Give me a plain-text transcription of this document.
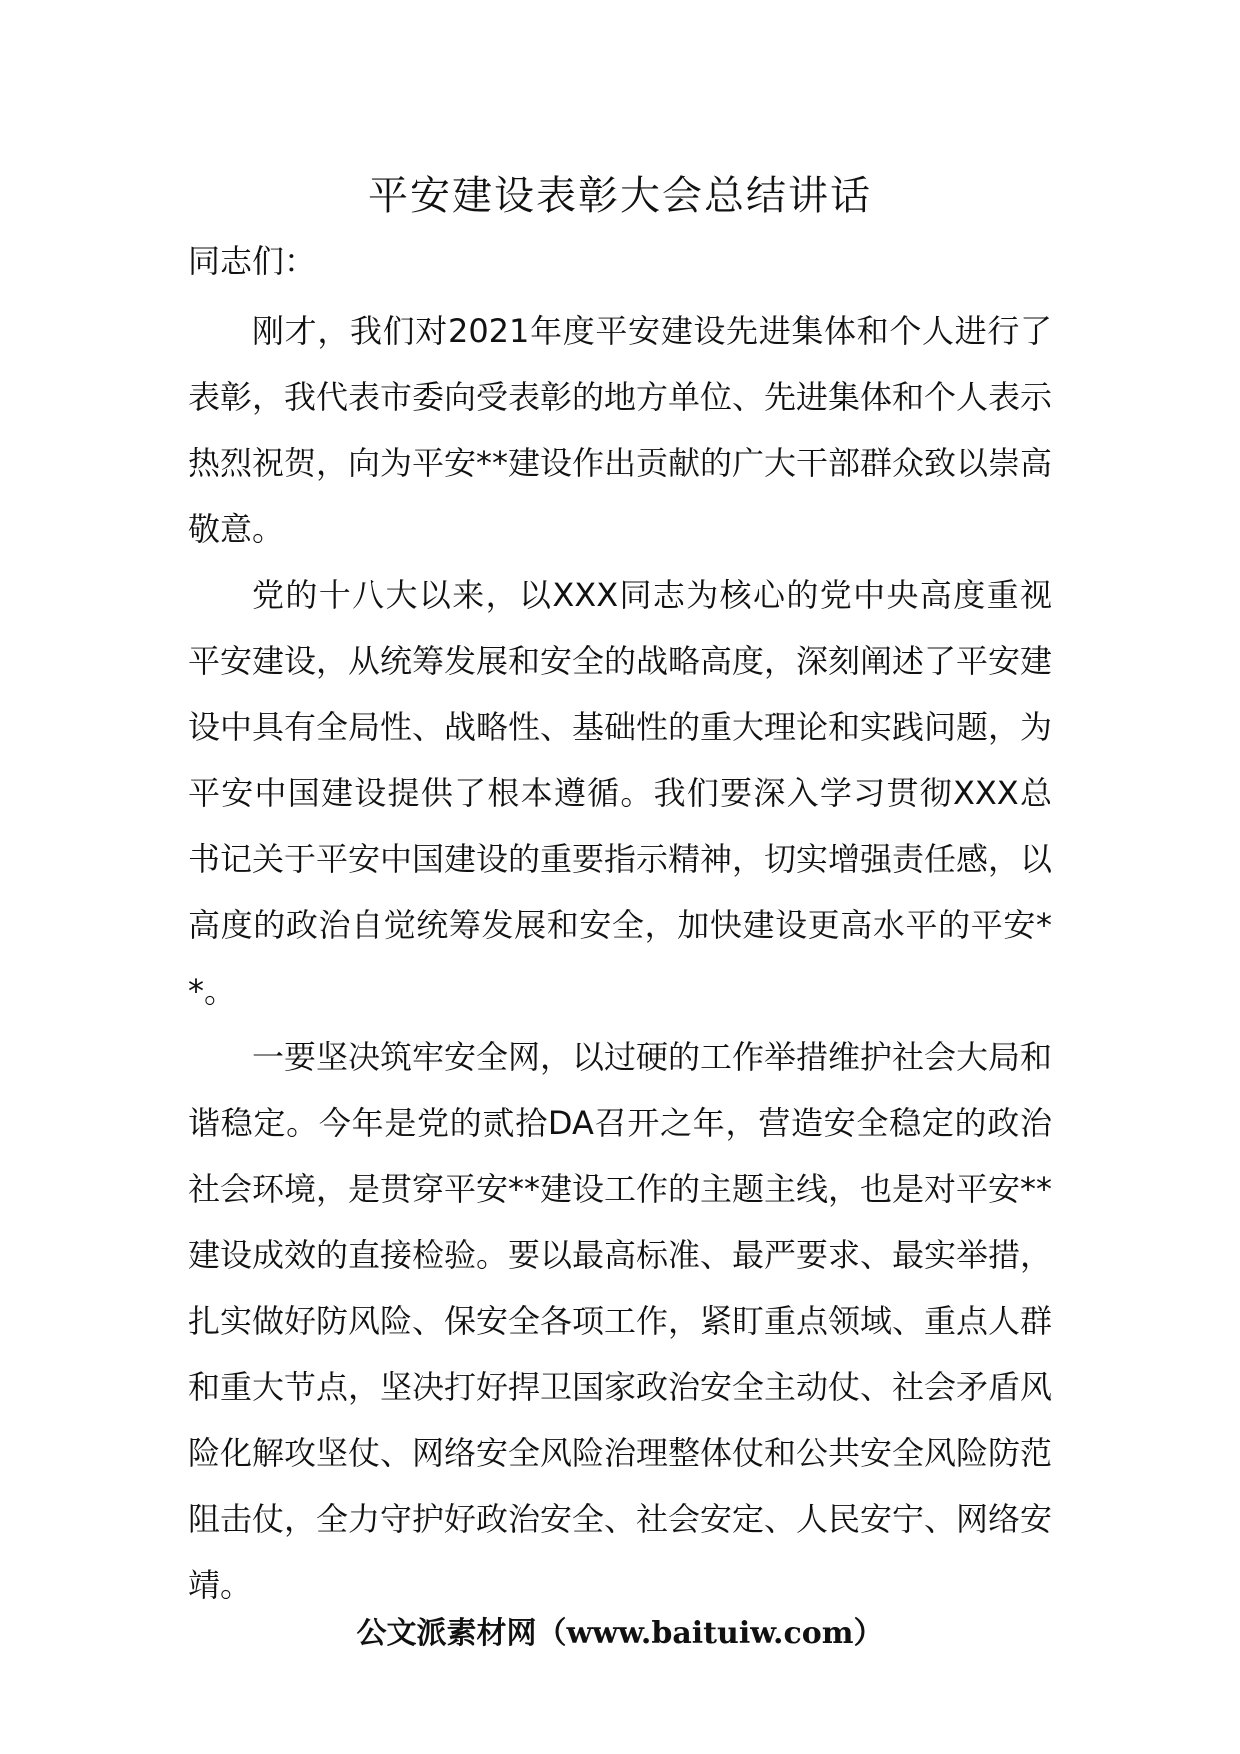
平安建设表彰大会总结讲话

同志们：

刚才，我们对2021年度平安建设先进集体和个人进行了表彰，我代表市委向受表彰的地方单位、先进集体和个人表示热烈祝贺，向为平安**建设作出贡献的广大干部群众致以崇高敬意。

党的十八大以来，以XXX同志为核心的党中央高度重视平安建设，从统筹发展和安全的战略高度，深刻阐述了平安建设中具有全局性、战略性、基础性的重大理论和实践问题，为平安中国建设提供了根本遵循。我们要深入学习贯彻XXX总书记关于平安中国建设的重要指示精神，切实增强责任感，以高度的政治自觉统筹发展和安全，加快建设更高水平的平安**。

一要坚决筑牢安全网，以过硬的工作举措维护社会大局和谐稳定。今年是党的贰拾DA召开之年，营造安全稳定的政治社会环境，是贯穿平安**建设工作的主题主线，也是对平安**建设成效的直接检验。要以最高标准、最严要求、最实举措，扎实做好防风险、保安全各项工作，紧盯重点领域、重点人群和重大节点，坚决打好捍卫国家政治安全主动仗、社会矛盾风险化解攻坚仗、网络安全风险治理整体仗和公共安全风险防范阻击仗，全力守护好政治安全、社会安定、人民安宁、网络安靖。

公文派素材网（www.baituiw.com）
